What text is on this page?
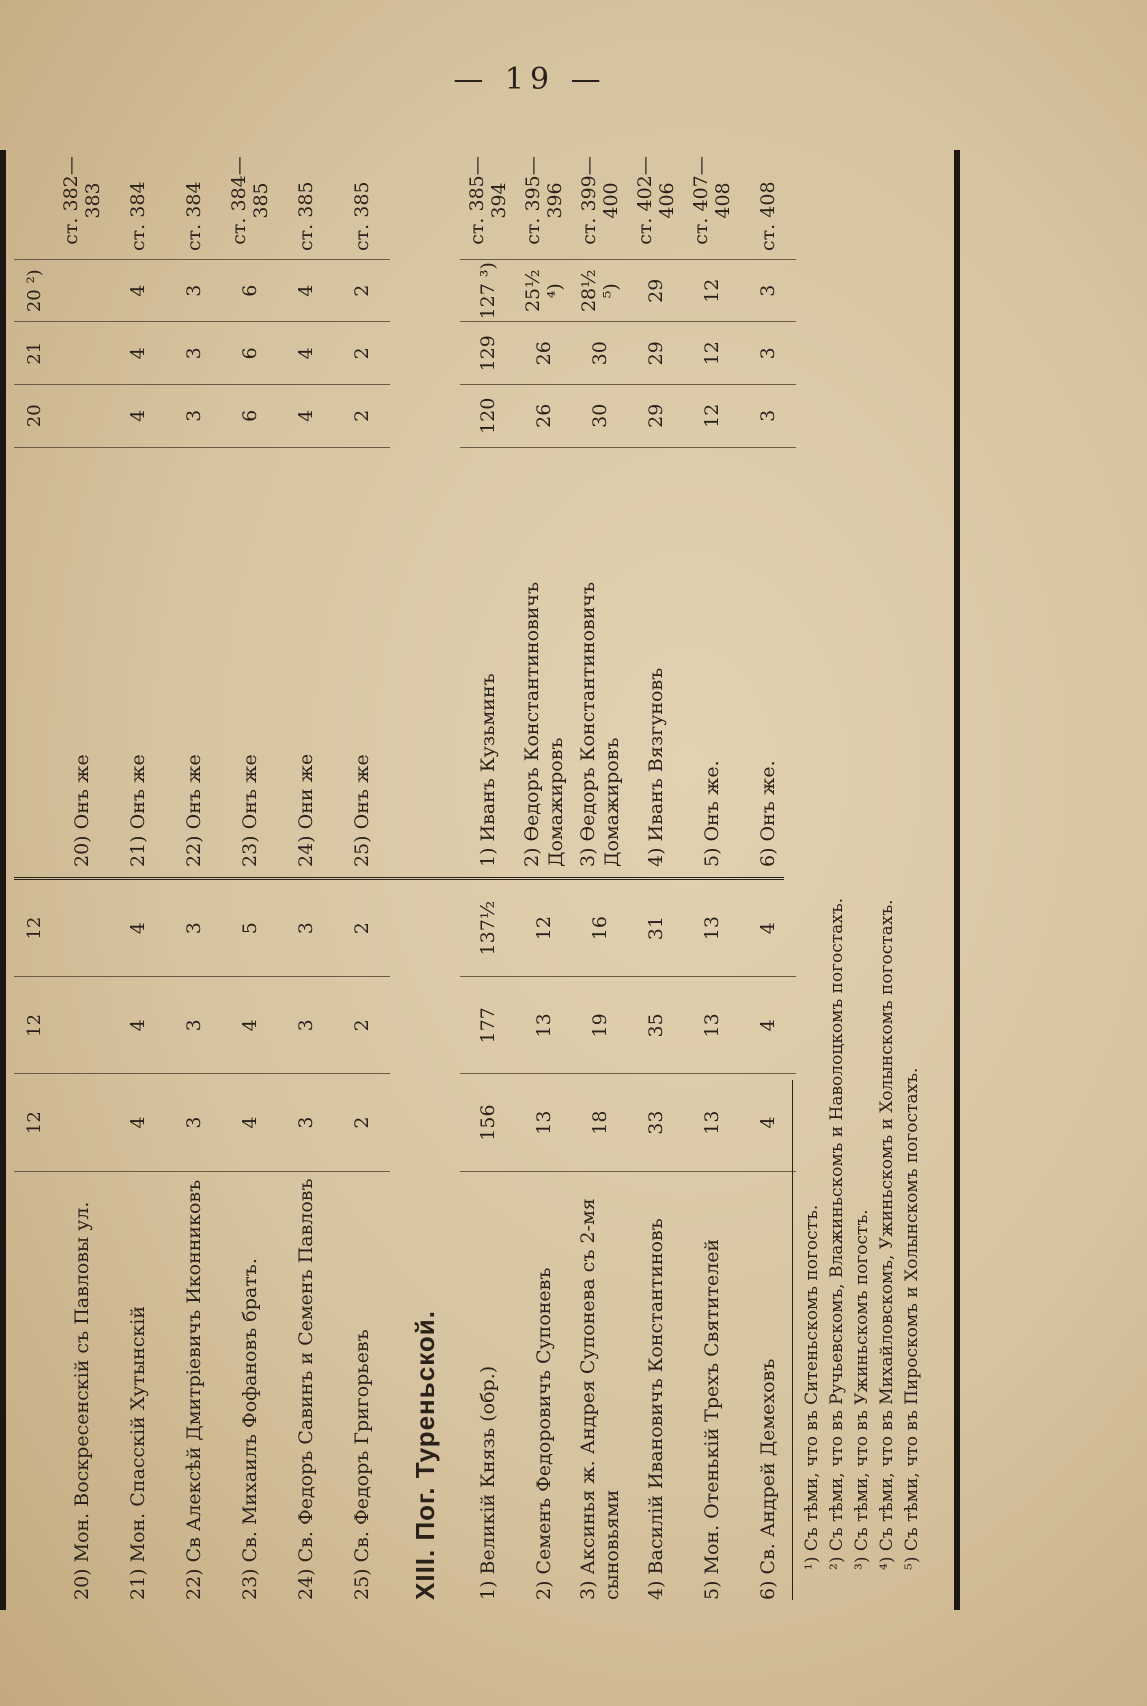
— 19 —
12
12
12
20) Мон. Воскресенскій съ Павловы ул. 21) Мон. Спасскій Хутынскій
4
4
4
22) Св Алексѣй Дмитріевичъ Иконниковъ
3
3
3
23) Св. Михаилъ Фофановъ братъ.
4
4
5
24) Св. Федоръ Савинъ и Семенъ Павловъ
3
3
3
25) Св. Федоръ Григорьевъ
2
2
2
XIII. Пог. Туреньской. 1) Великій Князь (обр.)
156
177
137½
2) Семенъ Федоровичъ Супоневъ
13
13
12
3) Аксинья ж. Андрея Супонева съ 2-мя сыновьями
18
19
16
4) Василій Ивановичъ Константиновъ
33
35
31
5) Мон. Отенькій Трехъ Святителей
13
13
13
6) Св. Андрей Демеховъ
4
4
4
20
21
20 ²)
20) Онъ же
ст. 382—383
21) Онъ же
4
4
4
ст. 384
22) Онъ же
3
3
3
ст. 384
23) Онъ же
6
6
6
ст. 384—385
24) Они же
4
4
4
ст. 385
25) Онъ же
2
2
2
ст. 385
1) Иванъ Кузьминъ
120
129
127 ³)
ст. 385—394
2) Өедоръ Константиновичъ Домажировъ
26
26
25½ ⁴)
ст. 395—396
3) Өедоръ Константиновичъ Домажировъ
30
30
28½ ⁵)
ст. 399—400
4) Иванъ Вязгуновъ
29
29
29
ст. 402—406
5) Онъ же.
12
12
12
ст. 407—408
6) Онъ же.
3
3
3
ст. 408
¹) Съ тѣми, что въ Ситеньскомъ погостъ. ²) Съ тѣми, что въ Ручьевскомъ, Влажиньскомъ и Наволоцкомъ погостахъ. ³) Съ тѣми, что въ Ужиньскомъ погостъ. ⁴) Съ тѣми, что въ Михайловскомъ, Ужиньскомъ и Холынскомъ погостахъ. ⁵) Съ тѣми, что въ Пироскомъ и Холынскомъ погостахъ.
